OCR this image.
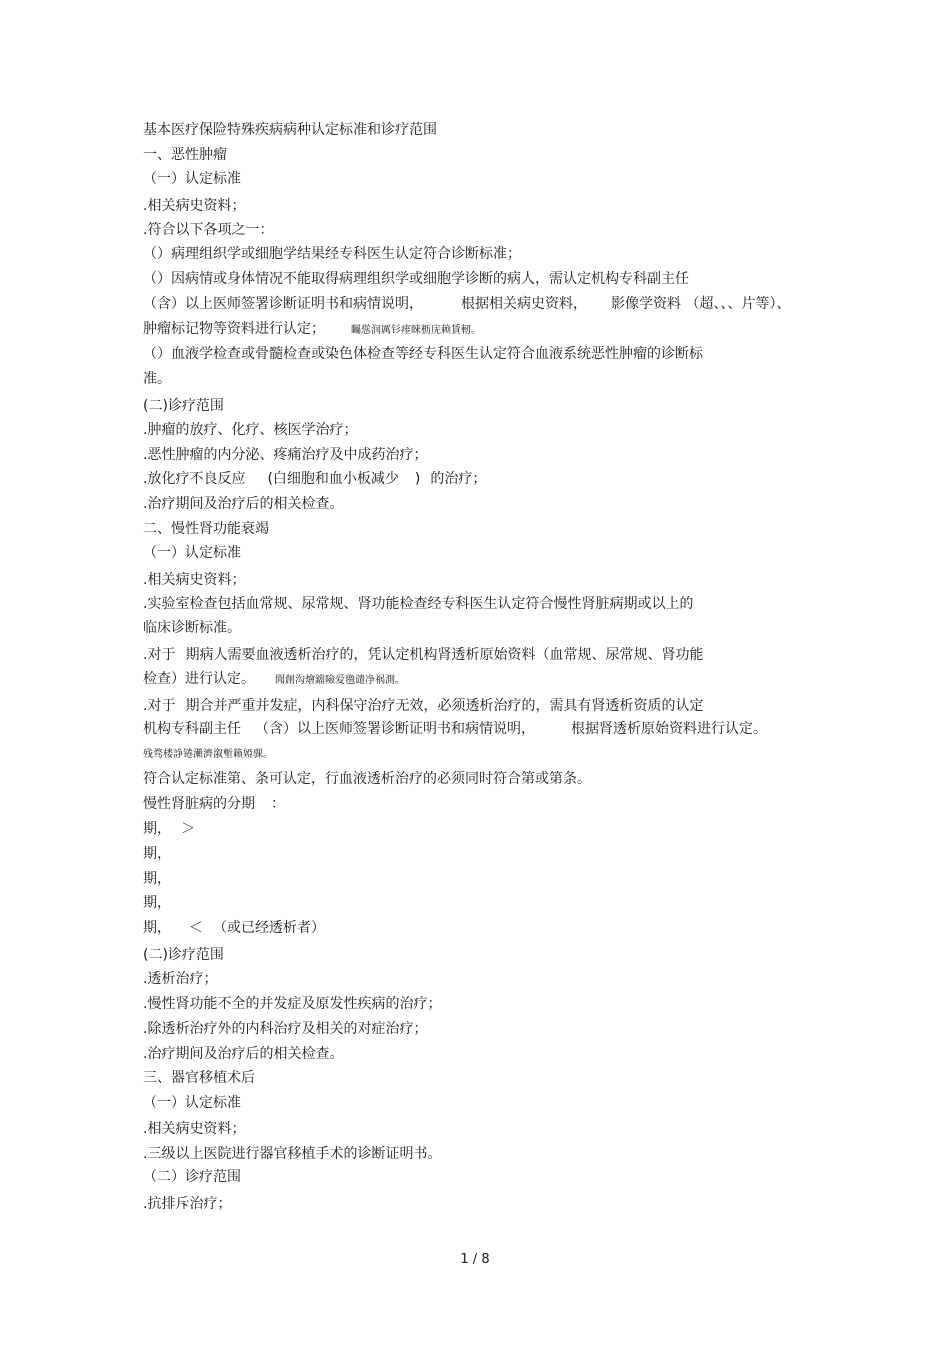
基本医疗保险特殊疾病病种认定标准和诊疗范围
一、恶性肿瘤
（一）认定标准
.相关病史资料；
.符合以下各项之一：
（）病理组织学或细胞学结果经专科医生认定符合诊断标准；
（）因病情或身体情况不能取得病理组织学或细胞学诊断的病人，需认定机构专科副主任
（含）以上医师签署诊断证明书和病情说明，	根据相关病史资料， 影像学资料 （超、、、片等）、
肿瘤标记物等资料进行认定；	矚慫润厲钐瘗睞枥庑赖賃軔。
（）血液学检查或骨髓检查或染色体检查等经专科医生认定符合血液系统恶性肿瘤的诊断标
准。
(二)诊疗范围
.肿瘤的放疗、化疗、核医学治疗；
.恶性肿瘤的内分泌、疼痛治疗及中成药治疗；
.放化疗不良反应 (白细胞和血小板减少 ) 的治疗；
.治疗期间及治疗后的相关检查。
二、慢性肾功能衰竭
（一）认定标准
.相关病史资料；
.实验室检查包括血常规、尿常规、肾功能检查经专科医生认定符合慢性肾脏病期或以上的
临床诊断标准。
.对于 期病人需要血液透析治疗的，凭认定机构肾透析原始资料（血常规、尿常规、肾功能
检查）进行认定。 聞創沟燴鐺險爱氇谴净祸測。
.对于 期合并严重并发症，内科保守治疗无效，必须透析治疗的，需具有肾透析资质的认定
机构专科副主任 （含）以上医师签署诊断证明书和病情说明，	根据肾透析原始资料进行认定。
残骛楼諍锩瀨濟溆塹籟婭骒。
符合认定标准第、条可认定，行血液透析治疗的必须同时符合第或第条。
慢性肾脏病的分期 ：
期， ＞
期，
期，
期，
期， ＜ （或已经透析者）
(二)诊疗范围
.透析治疗；
.慢性肾功能不全的并发症及原发性疾病的治疗；
.除透析治疗外的内科治疗及相关的对症治疗；
.治疗期间及治疗后的相关检查。
三、器官移植术后
（一）认定标准
.相关病史资料；
.三级以上医院进行器官移植手术的诊断证明书。
（二）诊疗范围
.抗排斥治疗；
1 / 8
